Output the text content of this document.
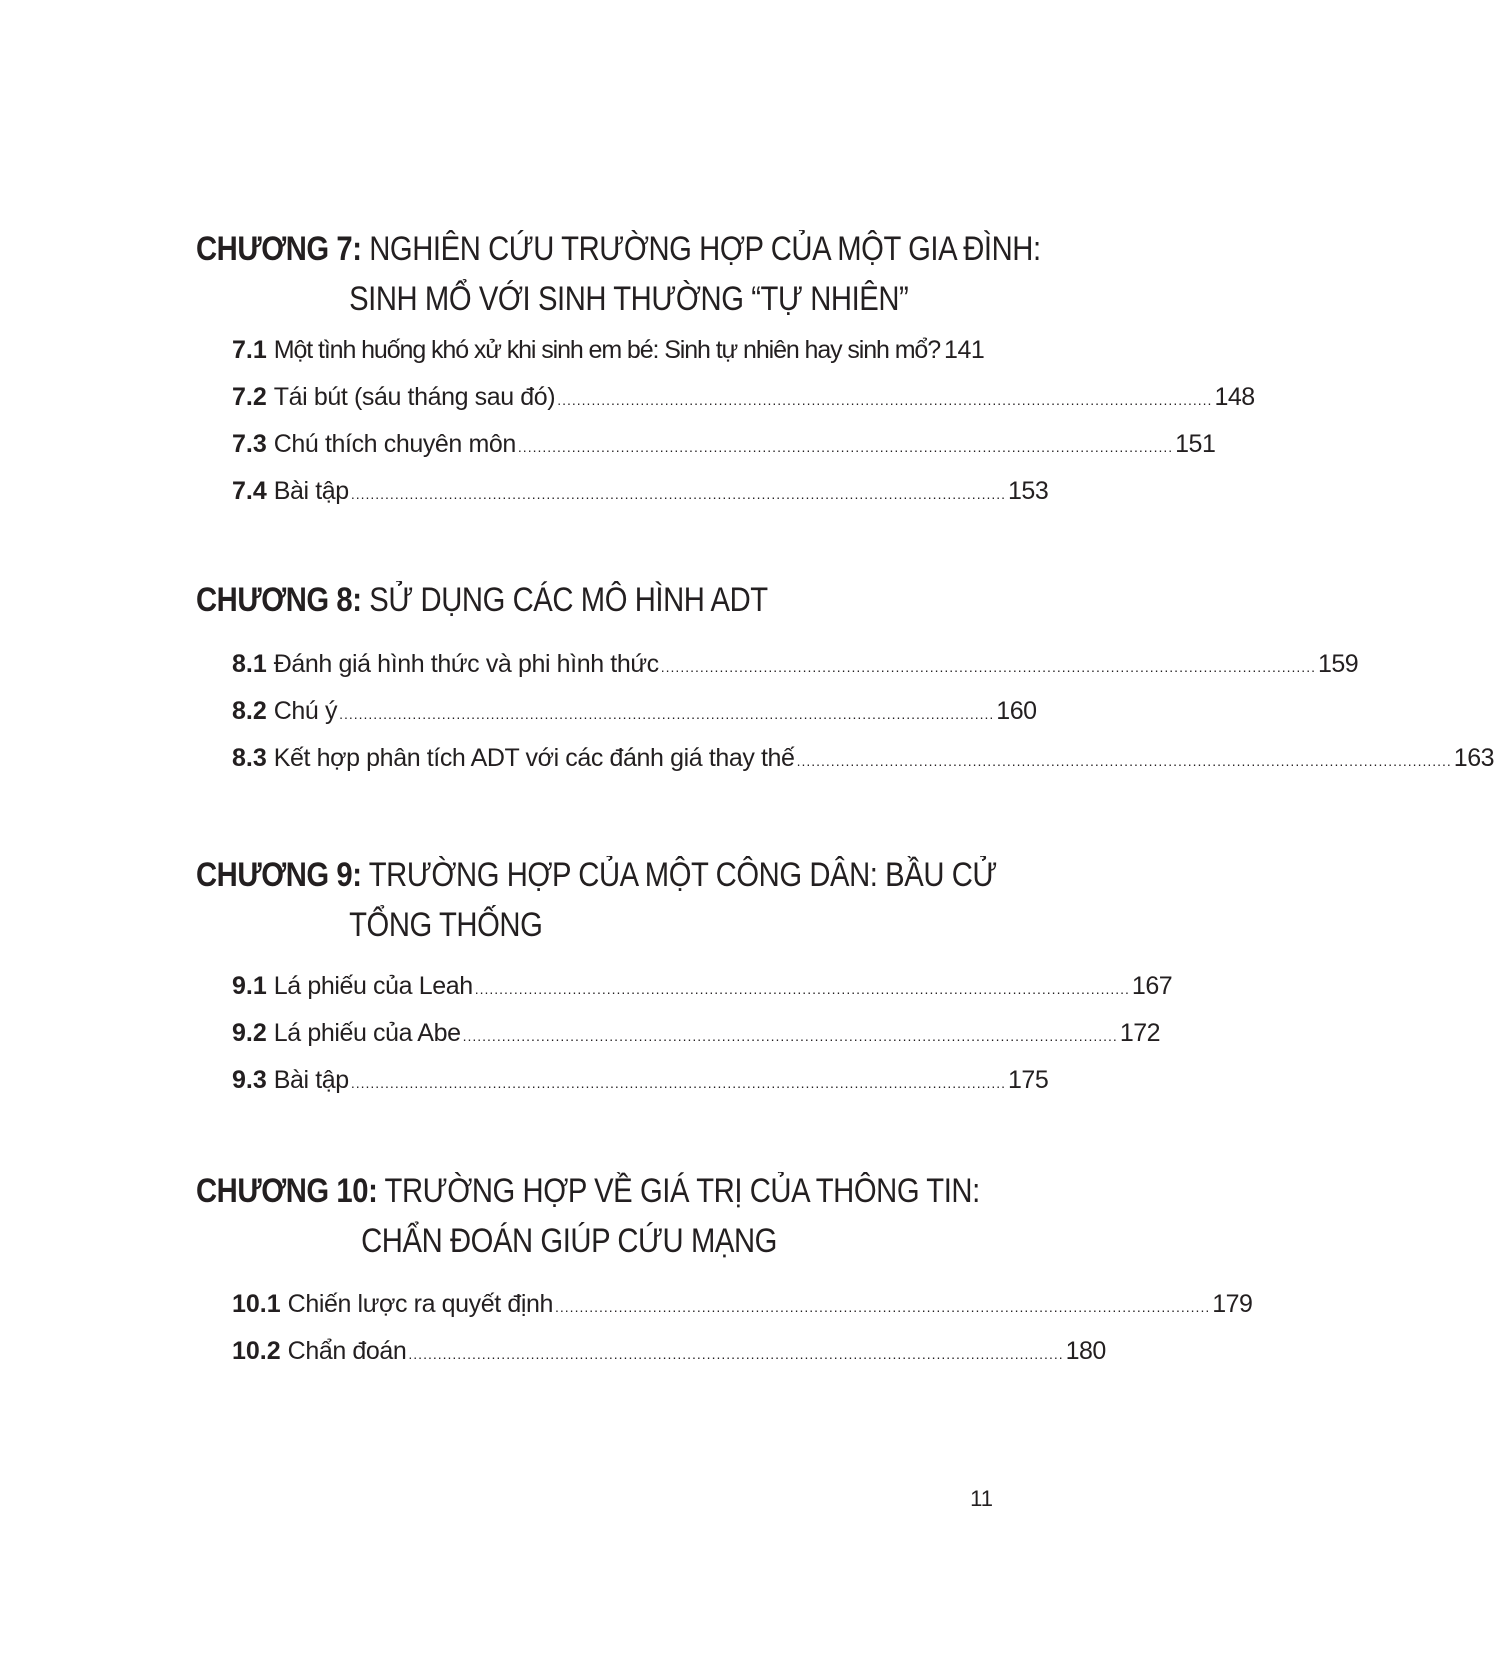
CHƯƠNG 7: NGHIÊN CỨU TRƯỜNG HỢP CỦA MỘT GIA ĐÌNH:
SINH MỔ VỚI SINH THƯỜNG “TỰ NHIÊN”
7.1 Một tình huống khó xử khi sinh em bé: Sinh tự nhiên hay sinh mổ? 141
7.2 Tái bút (sáu tháng sau đó) ...................................................................................................................................... 148
7.3 Chú thích chuyên môn ...................................................................................................................................... 151
7.4 Bài tập ...................................................................................................................................... 153
CHƯƠNG 8: SỬ DỤNG CÁC MÔ HÌNH ADT
8.1 Đánh giá hình thức và phi hình thức ...................................................................................................................................... 159
8.2 Chú ý ...................................................................................................................................... 160
8.3 Kết hợp phân tích ADT với các đánh giá thay thế ...................................................................................................................................... 163
CHƯƠNG 9: TRƯỜNG HỢP CỦA MỘT CÔNG DÂN: BẦU CỬ
TỔNG THỐNG
9.1 Lá phiếu của Leah ...................................................................................................................................... 167
9.2 Lá phiếu của Abe ...................................................................................................................................... 172
9.3 Bài tập ...................................................................................................................................... 175
CHƯƠNG 10: TRƯỜNG HỢP VỀ GIÁ TRỊ CỦA THÔNG TIN:
CHẨN ĐOÁN GIÚP CỨU MẠNG
10.1 Chiến lược ra quyết định ...................................................................................................................................... 179
10.2 Chẩn đoán ...................................................................................................................................... 180
11
